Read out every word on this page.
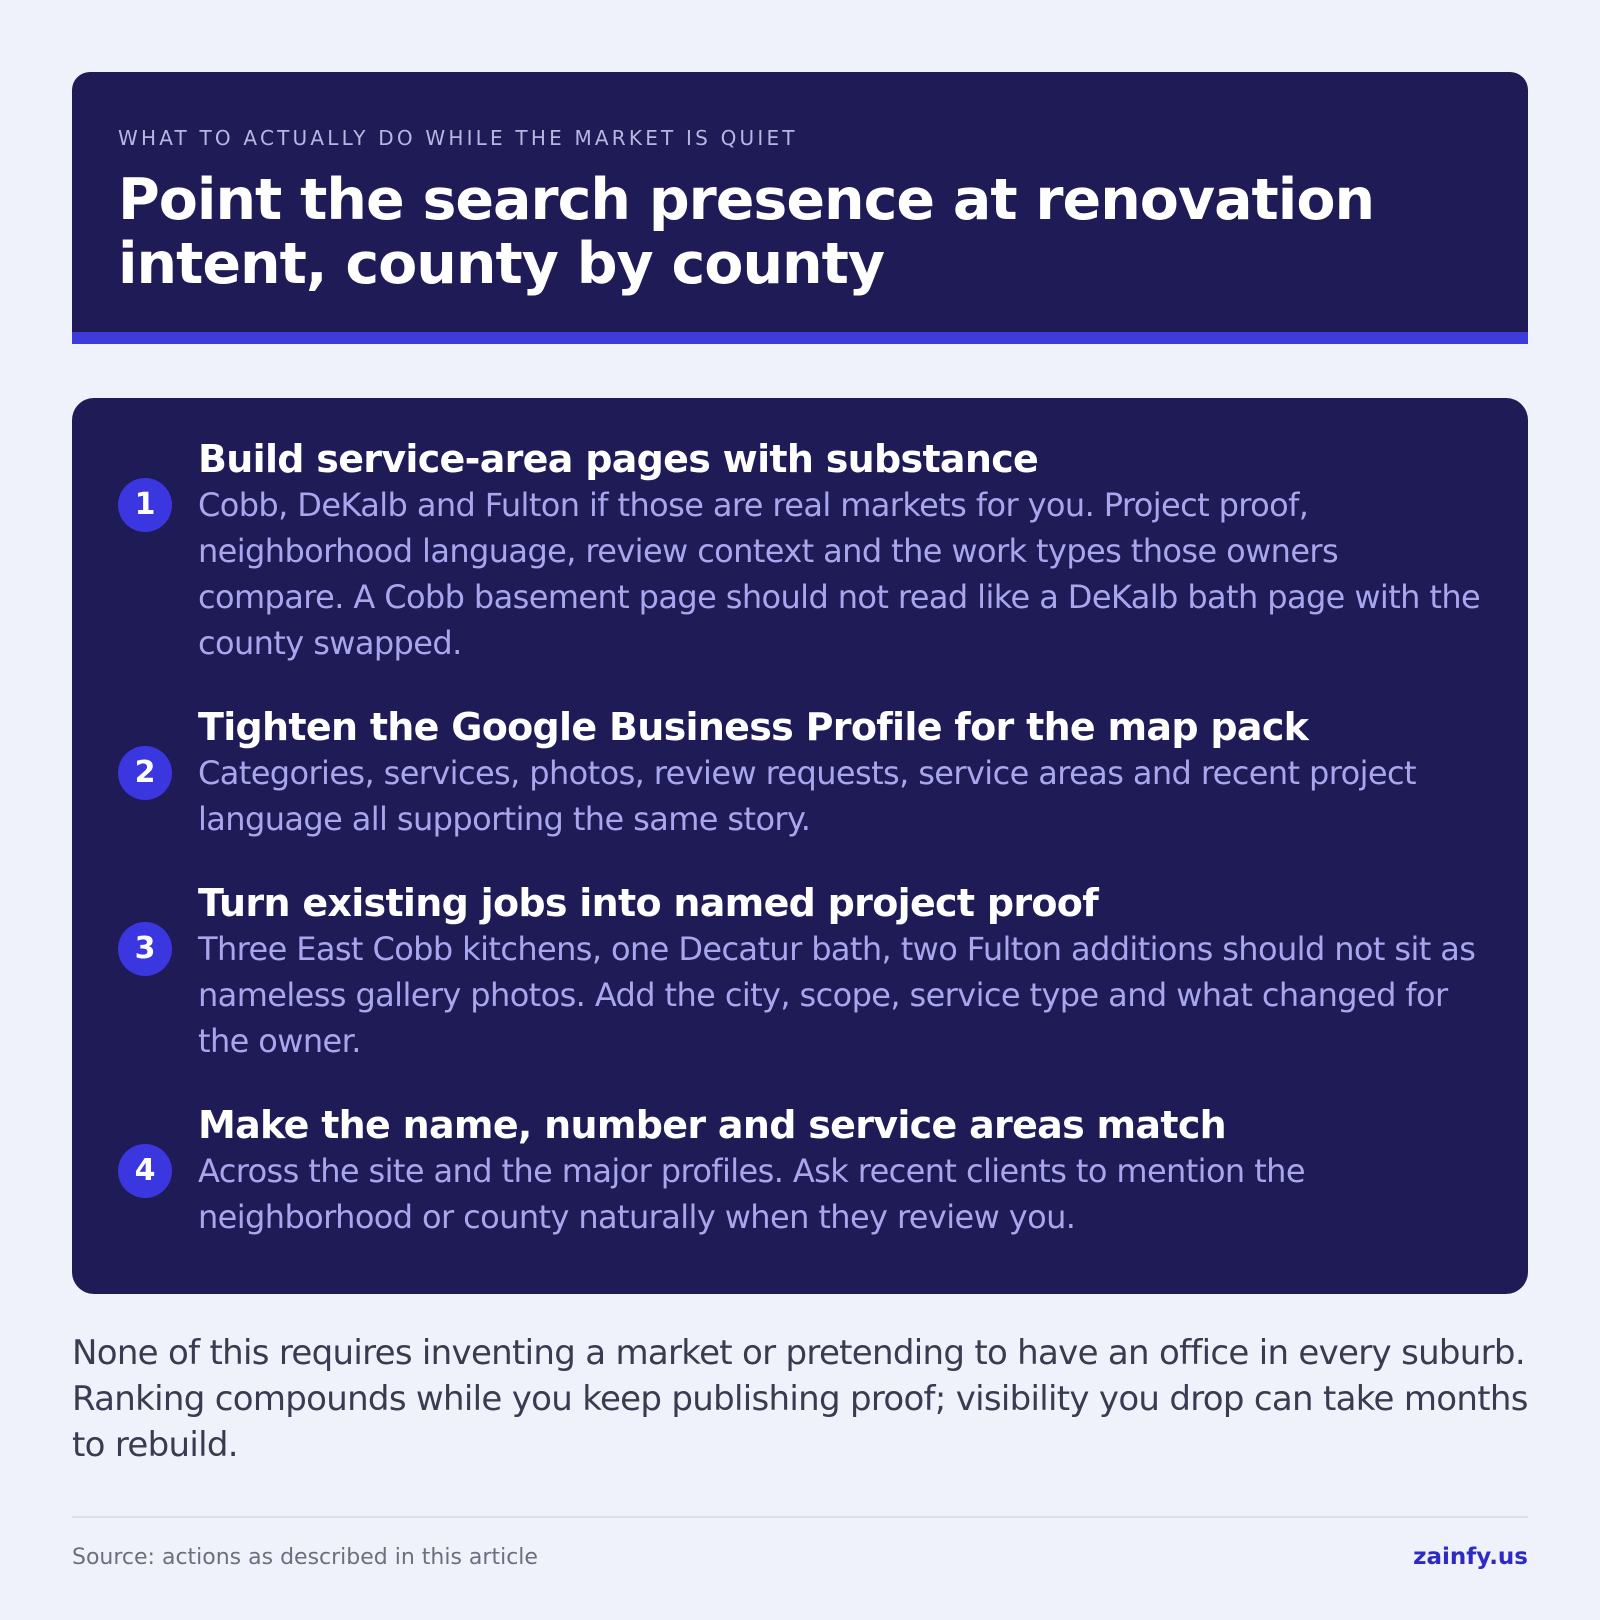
WHAT TO ACTUALLY DO WHILE THE MARKET IS QUIET

Point the search presence at renovation intent, county by county
1
Build service-area pages with substance

Cobb, DeKalb and Fulton if those are real markets for you. Project proof, neighborhood language, review context and the work types those owners compare. A Cobb basement page should not read like a DeKalb bath page with the county swapped.

2
Tighten the Google Business Profile for the map pack

Categories, services, photos, review requests, service areas and recent project language all supporting the same story.

3
Turn existing jobs into named project proof

Three East Cobb kitchens, one Decatur bath, two Fulton additions should not sit as nameless gallery photos. Add the city, scope, service type and what changed for the owner.

4
Make the name, number and service areas match

Across the site and the major profiles. Ask recent clients to mention the neighborhood or county naturally when they review you.

None of this requires inventing a market or pretending to have an office in every suburb. Ranking compounds while you keep publishing proof; visibility you drop can take months to rebuild.

Source: actions as described in this article	zainfy.us
